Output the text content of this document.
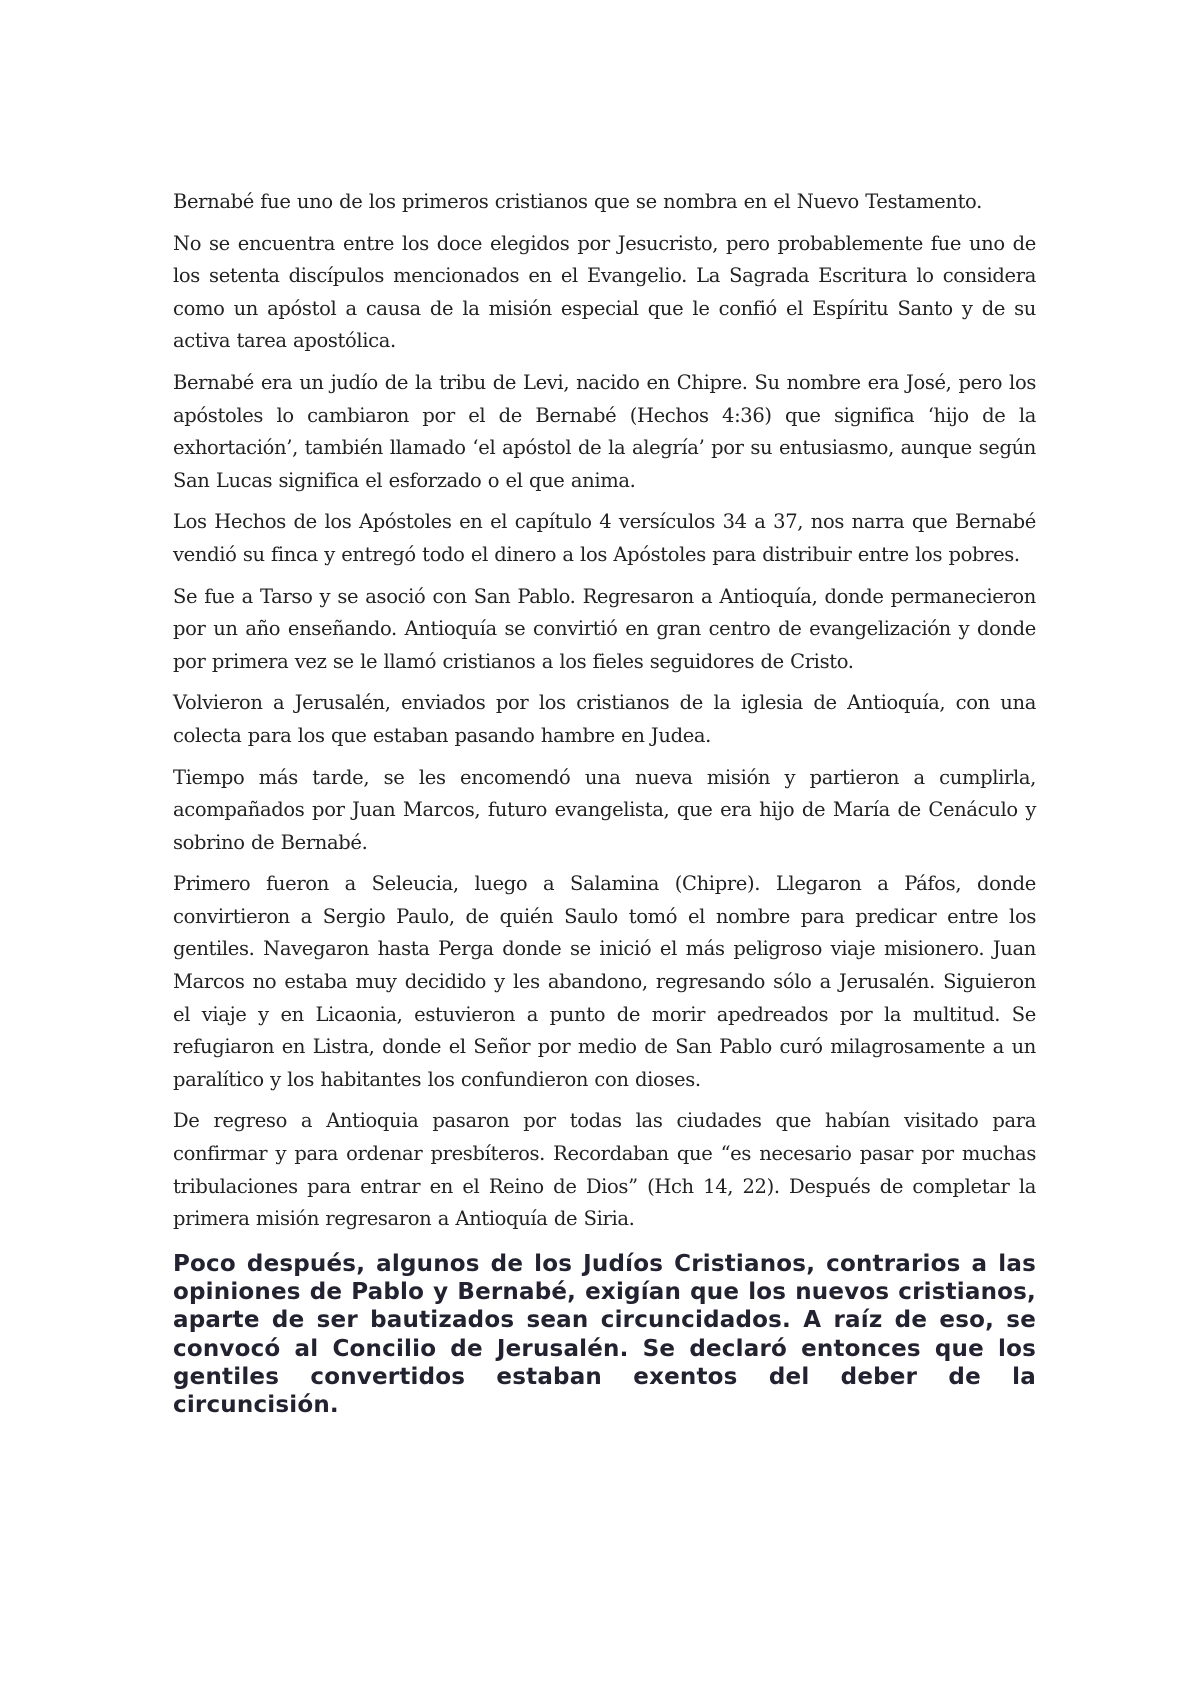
Bernabé fue uno de los primeros cristianos que se nombra en el Nuevo Testamento.

No se encuentra entre los doce elegidos por Jesucristo, pero probablemente fue uno de los setenta discípulos mencionados en el Evangelio. La Sagrada Escritura lo considera como un apóstol a causa de la misión especial que le confió el Espíritu Santo y de su activa tarea apostólica.

Bernabé era un judío de la tribu de Levi, nacido en Chipre. Su nombre era José, pero los apóstoles lo cambiaron por el de Bernabé (Hechos 4:36) que significa ‘hijo de la exhortación’, también llamado ‘el apóstol de la alegría’ por su entusiasmo, aunque según San Lucas significa el esforzado o el que anima.

Los Hechos de los Apóstoles en el capítulo 4 versículos 34 a 37, nos narra que Bernabé vendió su finca y entregó todo el dinero a los Apóstoles para distribuir entre los pobres.

Se fue a Tarso y se asoció con San Pablo. Regresaron a Antioquía, donde permanecieron por un año enseñando. Antioquía se convirtió en gran centro de evangelización y donde por primera vez se le llamó cristianos a los fieles seguidores de Cristo.

Volvieron a Jerusalén, enviados por los cristianos de la iglesia de Antioquía, con una colecta para los que estaban pasando hambre en Judea.

Tiempo más tarde, se les encomendó una nueva misión y partieron a cumplirla, acompañados por Juan Marcos, futuro evangelista, que era hijo de María de Cenáculo y sobrino de Bernabé.

Primero fueron a Seleucia, luego a Salamina (Chipre). Llegaron a Páfos, donde convirtieron a Sergio Paulo, de quién Saulo tomó el nombre para predicar entre los gentiles. Navegaron hasta Perga donde se inició el más peligroso viaje misionero. Juan Marcos no estaba muy decidido y les abandono, regresando sólo a Jerusalén. Siguieron el viaje y en Licaonia, estuvieron a punto de morir apedreados por la multitud. Se refugiaron en Listra, donde el Señor por medio de San Pablo curó milagrosamente a un paralítico y los habitantes los confundieron con dioses.

De regreso a Antioquia pasaron por todas las ciudades que habían visitado para confirmar y para ordenar presbíteros. Recordaban que “es necesario pasar por muchas tribulaciones para entrar en el Reino de Dios” (Hch 14, 22). Después de completar la primera misión regresaron a Antioquía de Siria.

Poco después, algunos de los Judíos Cristianos, contrarios a las opiniones de Pablo y Bernabé, exigían que los nuevos cristianos, aparte de ser bautizados sean circuncidados. A raíz de eso, se convocó al Concilio de Jerusalén. Se declaró entonces que los gentiles convertidos estaban exentos del deber de la circuncisión.
